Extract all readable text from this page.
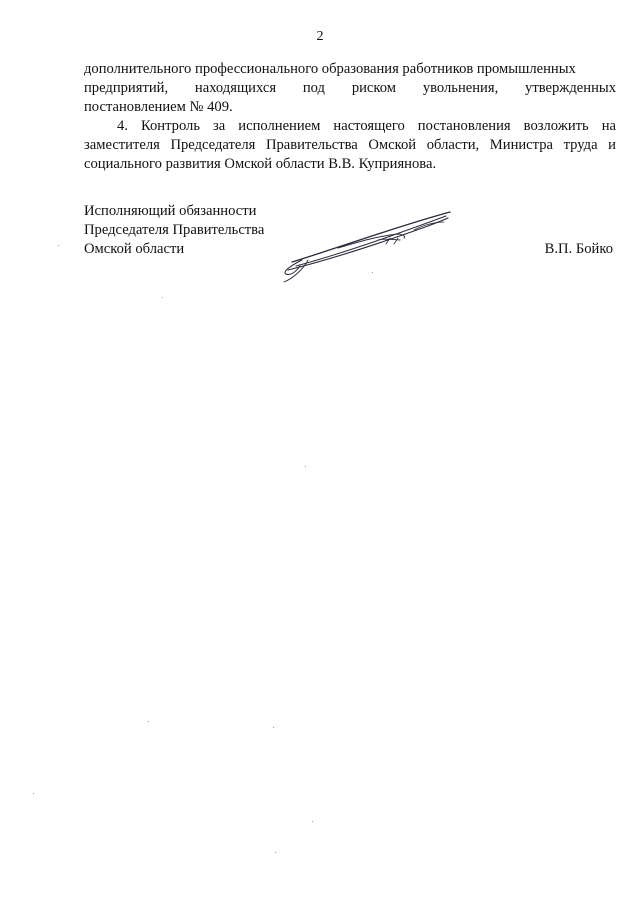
2

дополнительного профессионального образования работников промышленных
предприятий, находящихся под риском увольнения, утвержденных
постановлением № 409.

4. Контроль за исполнением настоящего постановления возложить на
заместителя Председателя Правительства Омской области, Министра труда и
социального развития Омской области В.В. Куприянова.

Исполняющий обязанности
Председателя Правительства
Омской области	В.П. Бойко
